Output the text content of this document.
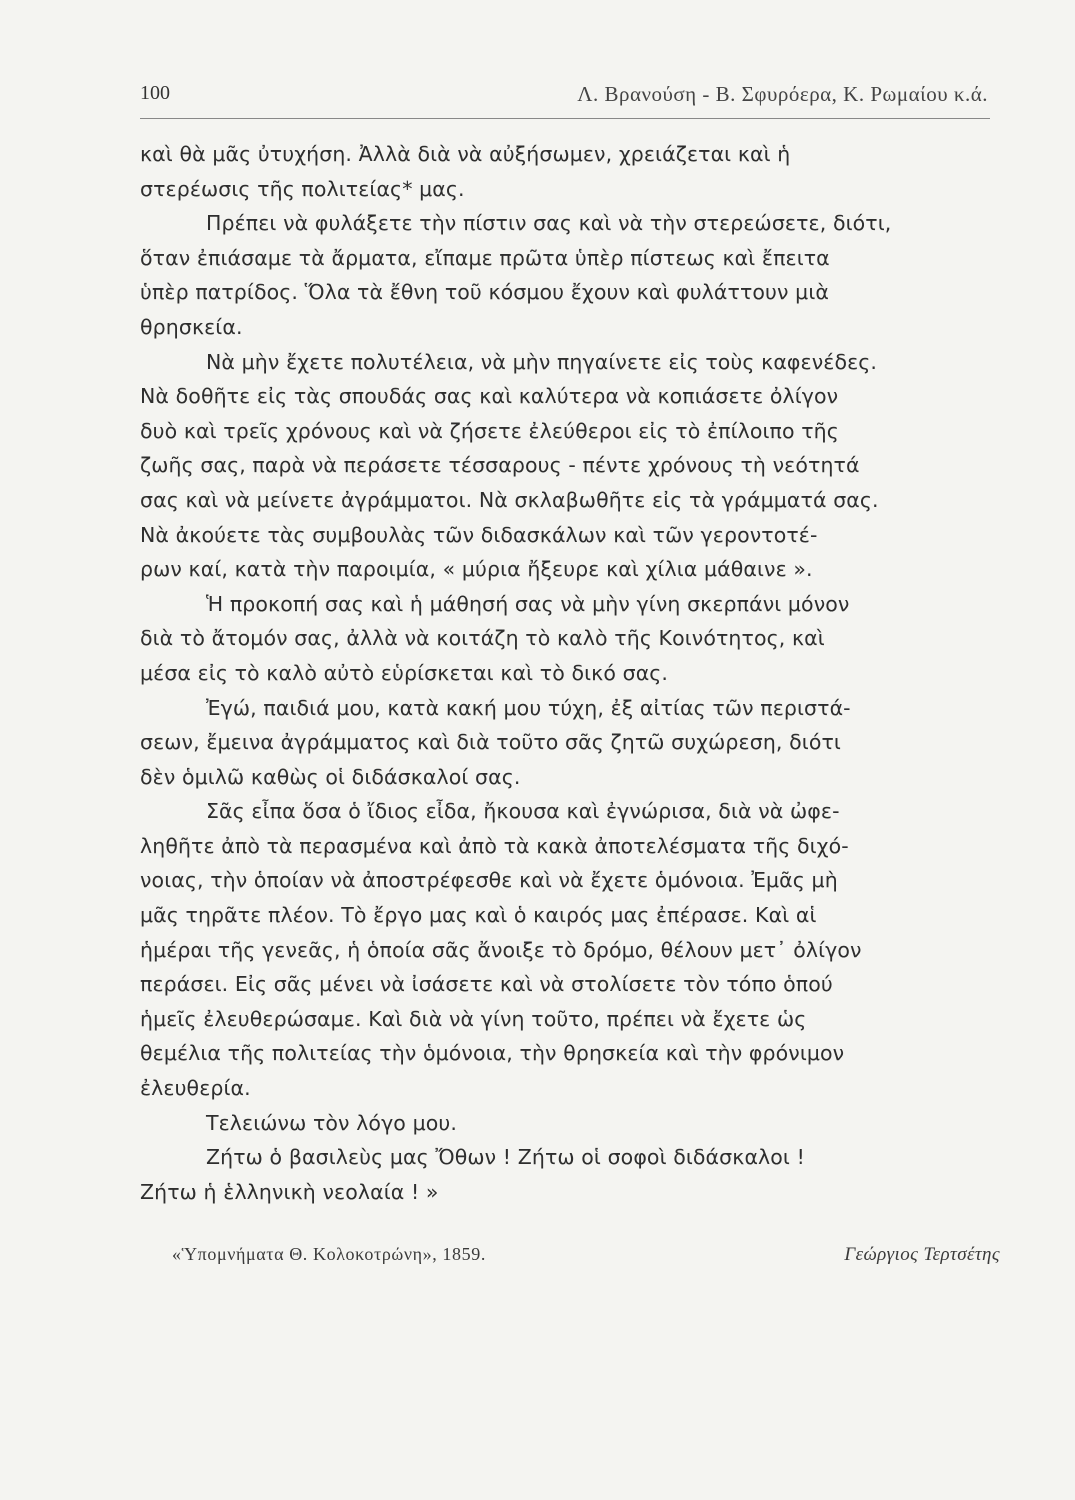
100	Λ. Βρανούση - Β. Σφυρόερα, Κ. Ρωμαίου κ.ά.
καὶ θὰ μᾶς ὐτυχήση. Ἀλλὰ διὰ νὰ αὐξήσωμεν, χρειάζεται καὶ ἡ
στερέωσις τῆς πολιτείας* μας.
Πρέπει νὰ φυλάξετε τὴν πίστιν σας καὶ νὰ τὴν στερεώσετε, διότι,
ὅταν ἐπιάσαμε τὰ ἄρματα, εἴπαμε πρῶτα ὑπὲρ πίστεως καὶ ἔπειτα
ὑπὲρ πατρίδος. Ὅλα τὰ ἔθνη τοῦ κόσμου ἔχουν καὶ φυλάττουν μιὰ
θρησκεία.
Νὰ μὴν ἔχετε πολυτέλεια, νὰ μὴν πηγαίνετε εἰς τοὺς καφενέδες.
Νὰ δοθῆτε εἰς τὰς σπουδάς σας καὶ καλύτερα νὰ κοπιάσετε ὀλίγον
δυὸ καὶ τρεῖς χρόνους καὶ νὰ ζήσετε ἐλεύθεροι εἰς τὸ ἐπίλοιπο τῆς
ζωῆς σας, παρὰ νὰ περάσετε τέσσαρους - πέντε χρόνους τὴ νεότητά
σας καὶ νὰ μείνετε ἀγράμματοι. Νὰ σκλαβωθῆτε εἰς τὰ γράμματά σας.
Νὰ ἀκούετε τὰς συμβουλὰς τῶν διδασκάλων καὶ τῶν γεροντοτέ-
ρων καί, κατὰ τὴν παροιμία, « μύρια ἤξευρε καὶ χίλια μάθαινε ».
Ἡ προκοπή σας καὶ ἡ μάθησή σας νὰ μὴν γίνη σκερπάνι μόνον
διὰ τὸ ἄτομόν σας, ἀλλὰ νὰ κοιτάζη τὸ καλὸ τῆς Κοινότητος, καὶ
μέσα εἰς τὸ καλὸ αὐτὸ εὑρίσκεται καὶ τὸ δικό σας.
Ἐγώ, παιδιά μου, κατὰ κακή μου τύχη, ἐξ αἰτίας τῶν περιστά-
σεων, ἔμεινα ἀγράμματος καὶ διὰ τοῦτο σᾶς ζητῶ συχώρεση, διότι
δὲν ὁμιλῶ καθὼς οἱ διδάσκαλοί σας.
Σᾶς εἶπα ὅσα ὁ ἴδιος εἶδα, ἤκουσα καὶ ἐγνώρισα, διὰ νὰ ὠφε-
ληθῆτε ἀπὸ τὰ περασμένα καὶ ἀπὸ τὰ κακὰ ἀποτελέσματα τῆς διχό-
νοιας, τὴν ὁποίαν νὰ ἀποστρέφεσθε καὶ νὰ ἔχετε ὁμόνοια. Ἐμᾶς μὴ
μᾶς τηρᾶτε πλέον. Τὸ ἔργο μας καὶ ὁ καιρός μας ἐπέρασε. Καὶ αἱ
ἡμέραι τῆς γενεᾶς, ἡ ὁποία σᾶς ἄνοιξε τὸ δρόμο, θέλουν μετ᾽ ὀλίγον
περάσει. Εἰς σᾶς μένει νὰ ἰσάσετε καὶ νὰ στολίσετε τὸν τόπο ὁπού
ἡμεῖς ἐλευθερώσαμε. Καὶ διὰ νὰ γίνη τοῦτο, πρέπει νὰ ἔχετε ὡς
θεμέλια τῆς πολιτείας τὴν ὁμόνοια, τὴν θρησκεία καὶ τὴν φρόνιμον
ἐλευθερία.
Τελειώνω τὸν λόγο μου.
Ζήτω ὁ βασιλεὺς μας Ὄθων ! Ζήτω οἱ σοφοὶ διδάσκαλοι !
Ζήτω ἡ ἑλληνικὴ νεολαία ! »
«Ὑπομνήματα Θ. Κολοκοτρώνη», 1859.	Γεώργιος Τερτσέτης
